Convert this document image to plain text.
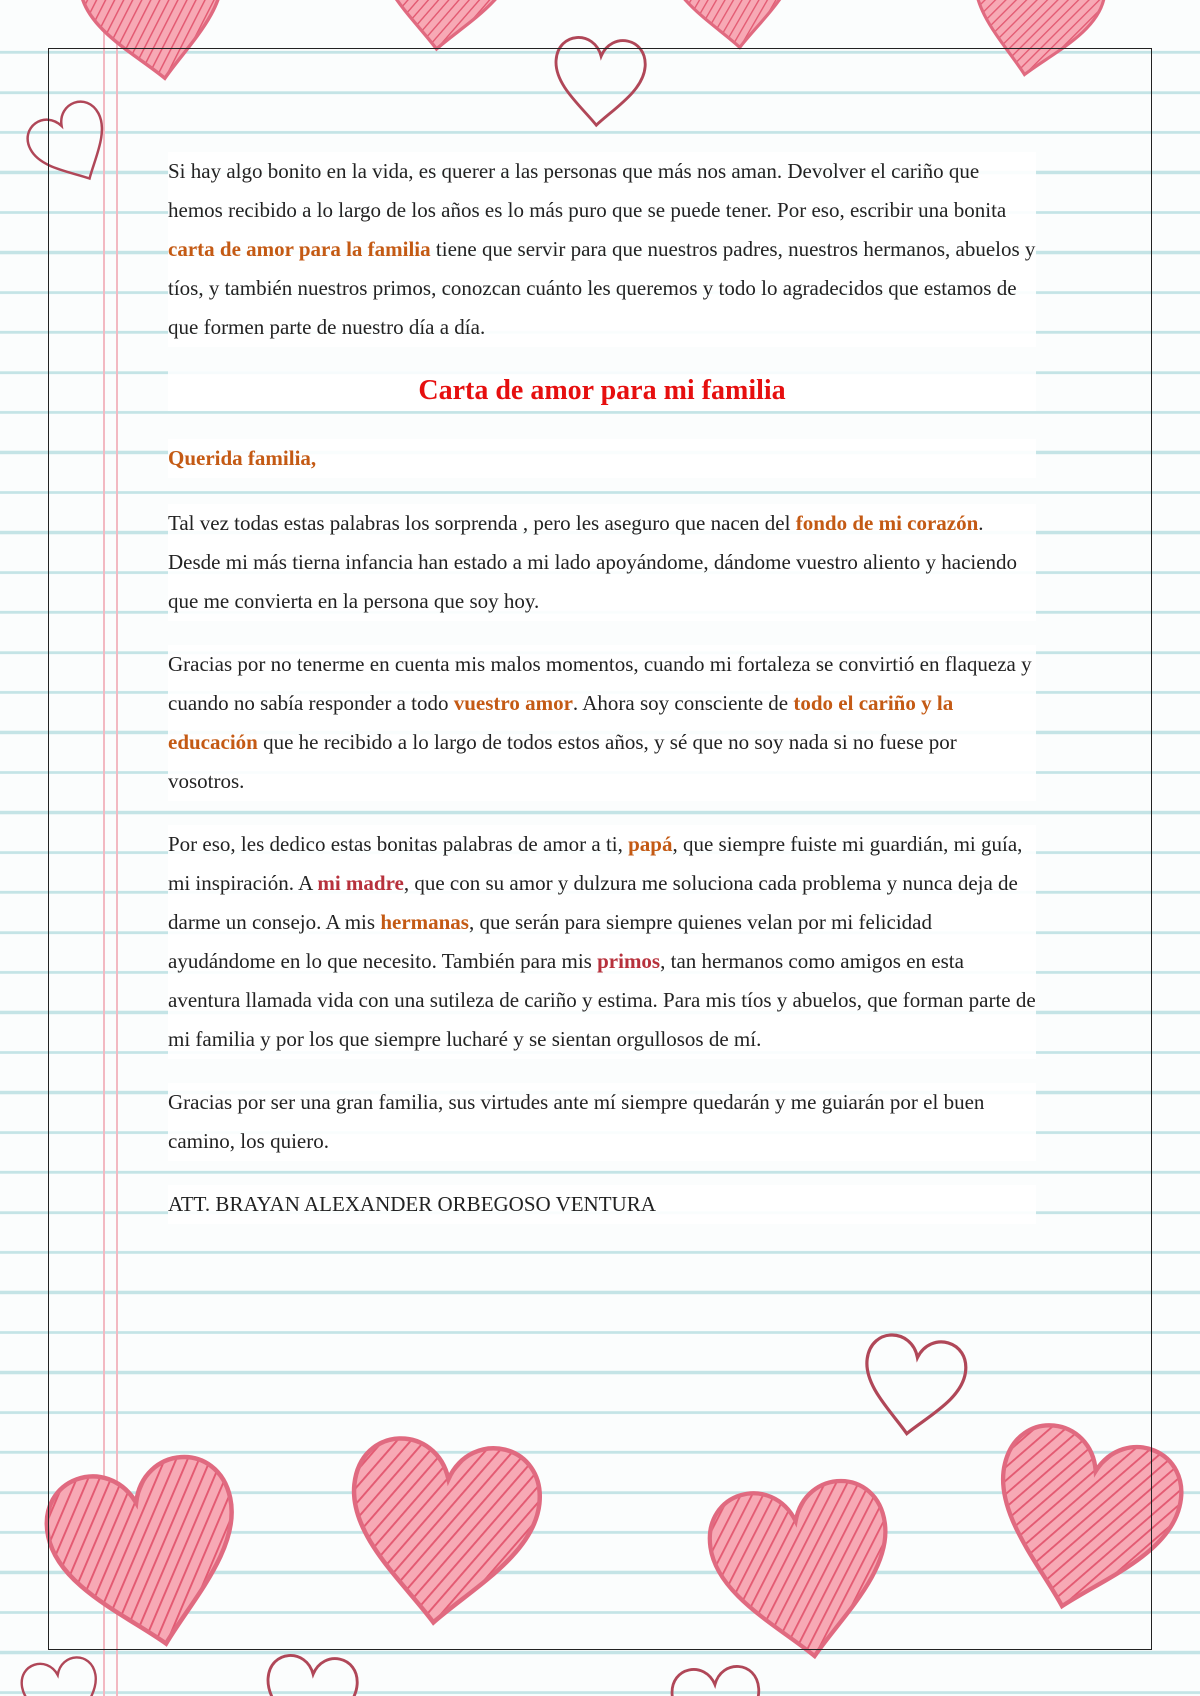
Si hay algo bonito en la vida, es querer a las personas que más nos aman. Devolver el cariño que hemos recibido a lo largo de los años es lo más puro que se puede tener. Por eso, escribir una bonita carta de amor para la familia tiene que servir para que nuestros padres, nuestros hermanos, abuelos y tíos, y también nuestros primos, conozcan cuánto les queremos y todo lo agradecidos que estamos de que formen parte de nuestro día a día.

Carta de amor para mi familia

Querida familia,

Tal vez todas estas palabras los sorprenda , pero les aseguro que nacen del fondo de mi corazón. Desde mi más tierna infancia han estado a mi lado apoyándome, dándome vuestro aliento y haciendo que me convierta en la persona que soy hoy.

Gracias por no tenerme en cuenta mis malos momentos, cuando mi fortaleza se convirtió en flaqueza y cuando no sabía responder a todo vuestro amor. Ahora soy consciente de todo el cariño y la educación que he recibido a lo largo de todos estos años, y sé que no soy nada si no fuese por vosotros.

Por eso, les dedico estas bonitas palabras de amor a ti, papá, que siempre fuiste mi guardián, mi guía, mi inspiración. A mi madre, que con su amor y dulzura me soluciona cada problema y nunca deja de darme un consejo. A mis hermanas, que serán para siempre quienes velan por mi felicidad ayudándome en lo que necesito. También para mis primos, tan hermanos como amigos en esta aventura llamada vida con una sutileza de cariño y estima. Para mis tíos y abuelos, que forman parte de mi familia y por los que siempre lucharé y se sientan orgullosos de mí.

Gracias por ser una gran familia, sus virtudes ante mí siempre quedarán y me guiarán por el buen camino, los quiero.

ATT. BRAYAN ALEXANDER ORBEGOSO VENTURA
